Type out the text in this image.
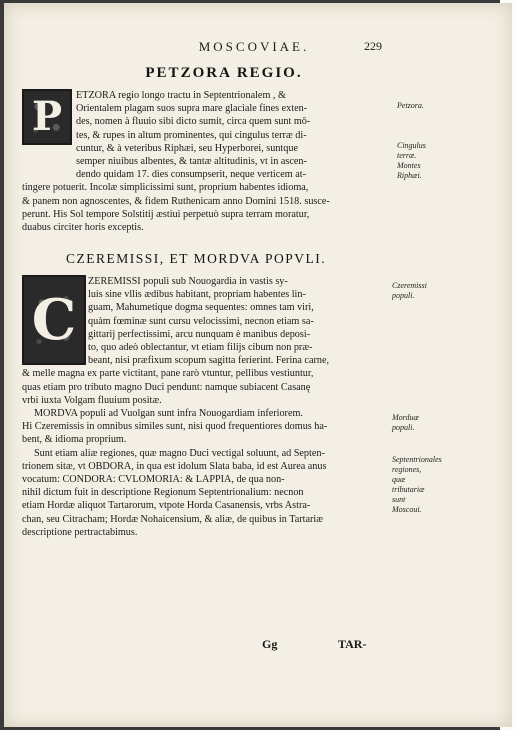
MOSCOVIAE.	229
PETZORA REGIO.
P	ETZORA regio longo tractu in Septentrionalem , &
Orientalem plagam suos supra mare glaciale fines exten-
des, nomen à fluuio sibi dicto sumit, circa quem sunt mō-
tes, & rupes in altum prominentes, qui cingulus terræ di-
cuntur, & à veteribus Riphæi, seu Hyperborei, suntque
semper niuibus albentes, & tantæ altitudinis, vt in ascen-
dendo quidam 17. dies consumpserit, neque verticem at-
tingere potuerit. Incolæ simplicissimi sunt, proprium habentes idioma,
& panem non agnoscentes, & fidem Ruthenicam anno Domini 1518. susce-
perunt. His Sol tempore Solstitij æstiui perpetuò supra terram moratur,
duabus circiter horis exceptis.
Petzora.
Cingulus terræ.
Montes Riphæi.
CZEREMISSI, ET MORDVA POPVLI.
C
ZEREMISSI populi sub Nouogardia in vastis sy-
luis sine vllis ædibus habitant, propriam habentes lin-
guam, Mahumetique dogma sequentes: omnes tam viri,
quàm fœminæ sunt cursu velocissimi, necnon etiam sa-
gittarij perfectissimi, arcu nunquam è manibus deposi-
to, quo adeò oblectantur, vt etiam filijs cibum non præ-
beant, nisi præfixum scopum sagitta ferierint. Ferina carne,
& melle magna ex parte victitant, pane rarò vtuntur, pellibus vestiuntur,
quas etiam pro tributo magno Duci pendunt: namque subiacent Casanę
vrbi iuxta Volgam fluuium positæ.
MORDVA populi ad Vuolgan sunt infra Nouogardiam inferiorem.
Hi Czeremissis in omnibus similes sunt, nisi quod frequentiores domus ha-
bent, & idioma proprium.
Sunt etiam aliæ regiones, quæ magno Duci vectigal soluunt, ad Septen-
trionem sitæ, vt OBDORA, in qua est idolum Slata baba, id est Aurea anus
vocatum: CONDORA: CVLOMORIA: & LAPPIA, de qua non-
nihil dictum fuit in descriptione Regionum Septentrionalium: necnon
etiam Hordæ aliquot Tartarorum, vtpote Horda Casanensis, vrbs Astra-
chan, seu Citracham; Hordæ Nohaicensium, & aliæ, de quibus in Tartariæ
descriptione pertractabimus.
Czeremissi populi.
Morduæ populi.
Septentrionales regiones, quæ tributariæ sunt Moscoui.
Gg	TAR-
